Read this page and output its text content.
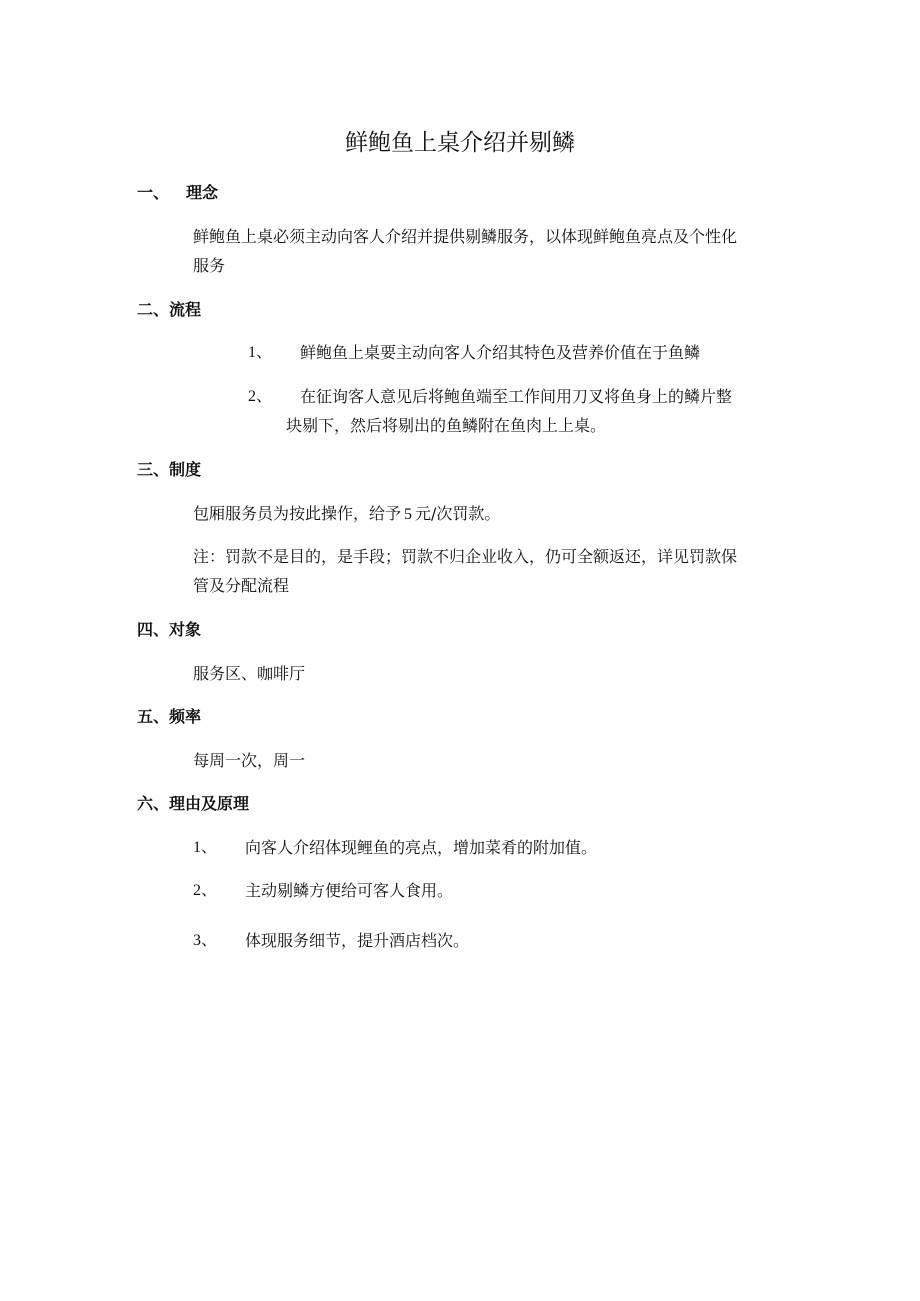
鲜鲍鱼上桌介绍并剔鳞
一、 理念
鲜鲍鱼上桌必须主动向客人介绍并提供剔鳞服务，以体现鲜鲍鱼亮点及个性化
服务
二、流程
1、 鲜鲍鱼上桌要主动向客人介绍其特色及营养价值在于鱼鳞
2、 在征询客人意见后将鲍鱼端至工作间用刀叉将鱼身上的鳞片整
块剔下，然后将剔出的鱼鳞附在鱼肉上上桌。
三、制度
包厢服务员为按此操作，给予 5 元/次罚款。
注：罚款不是目的，是手段；罚款不归企业收入，仍可全额返还，详见罚款保
管及分配流程
四、对象
服务区、咖啡厅
五、频率
每周一次，周一
六、理由及原理
1、 向客人介绍体现鲤鱼的亮点，增加菜肴的附加值。
2、 主动剔鳞方便给可客人食用。
3、 体现服务细节，提升酒店档次。
